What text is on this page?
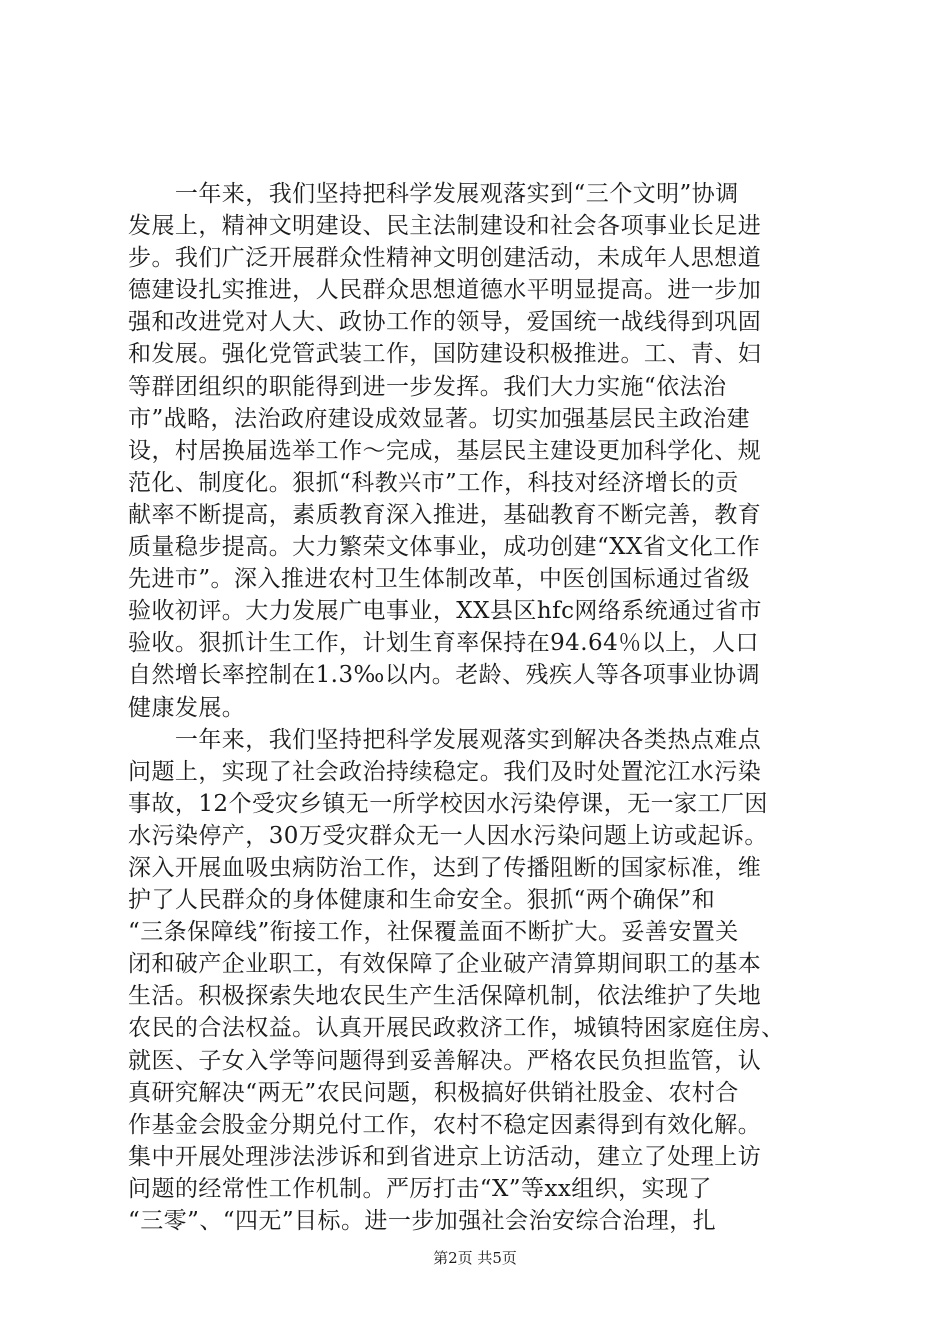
　　一年来，我们坚持把科学发展观落实到“三个文明”协调
发展上，精神文明建设、民主法制建设和社会各项事业长足进
步。我们广泛开展群众性精神文明创建活动，未成年人思想道
德建设扎实推进，人民群众思想道德水平明显提高。进一步加
强和改进党对人大、政协工作的领导，爱国统一战线得到巩固
和发展。强化党管武装工作，国防建设积极推进。工、青、妇
等群团组织的职能得到进一步发挥。我们大力实施“依法治
市”战略，法治政府建设成效显著。切实加强基层民主政治建
设，村居换届选举工作～完成，基层民主建设更加科学化、规
范化、制度化。狠抓“科教兴市”工作，科技对经济增长的贡
献率不断提高，素质教育深入推进，基础教育不断完善，教育
质量稳步提高。大力繁荣文体事业，成功创建“XX省文化工作
先进市”。深入推进农村卫生体制改革，中医创国标通过省级
验收初评。大力发展广电事业，XX县区hfc网络系统通过省市
验收。狠抓计生工作，计划生育率保持在94.64％以上，人口
自然增长率控制在1.3‰以内。老龄、残疾人等各项事业协调
健康发展。
　　一年来，我们坚持把科学发展观落实到解决各类热点难点
问题上，实现了社会政治持续稳定。我们及时处置沱江水污染
事故，12个受灾乡镇无一所学校因水污染停课，无一家工厂因
水污染停产，30万受灾群众无一人因水污染问题上访或起诉。
深入开展血吸虫病防治工作，达到了传播阻断的国家标准，维
护了人民群众的身体健康和生命安全。狠抓“两个确保”和
“三条保障线”衔接工作，社保覆盖面不断扩大。妥善安置关
闭和破产企业职工，有效保障了企业破产清算期间职工的基本
生活。积极探索失地农民生产生活保障机制，依法维护了失地
农民的合法权益。认真开展民政救济工作，城镇特困家庭住房、
就医、子女入学等问题得到妥善解决。严格农民负担监管，认
真研究解决“两无”农民问题，积极搞好供销社股金、农村合
作基金会股金分期兑付工作，农村不稳定因素得到有效化解。
集中开展处理涉法涉诉和到省进京上访活动，建立了处理上访
问题的经常性工作机制。严厉打击“X”等xx组织，实现了
“三零”、“四无”目标。进一步加强社会治安综合治理，扎
第2页 共5页
